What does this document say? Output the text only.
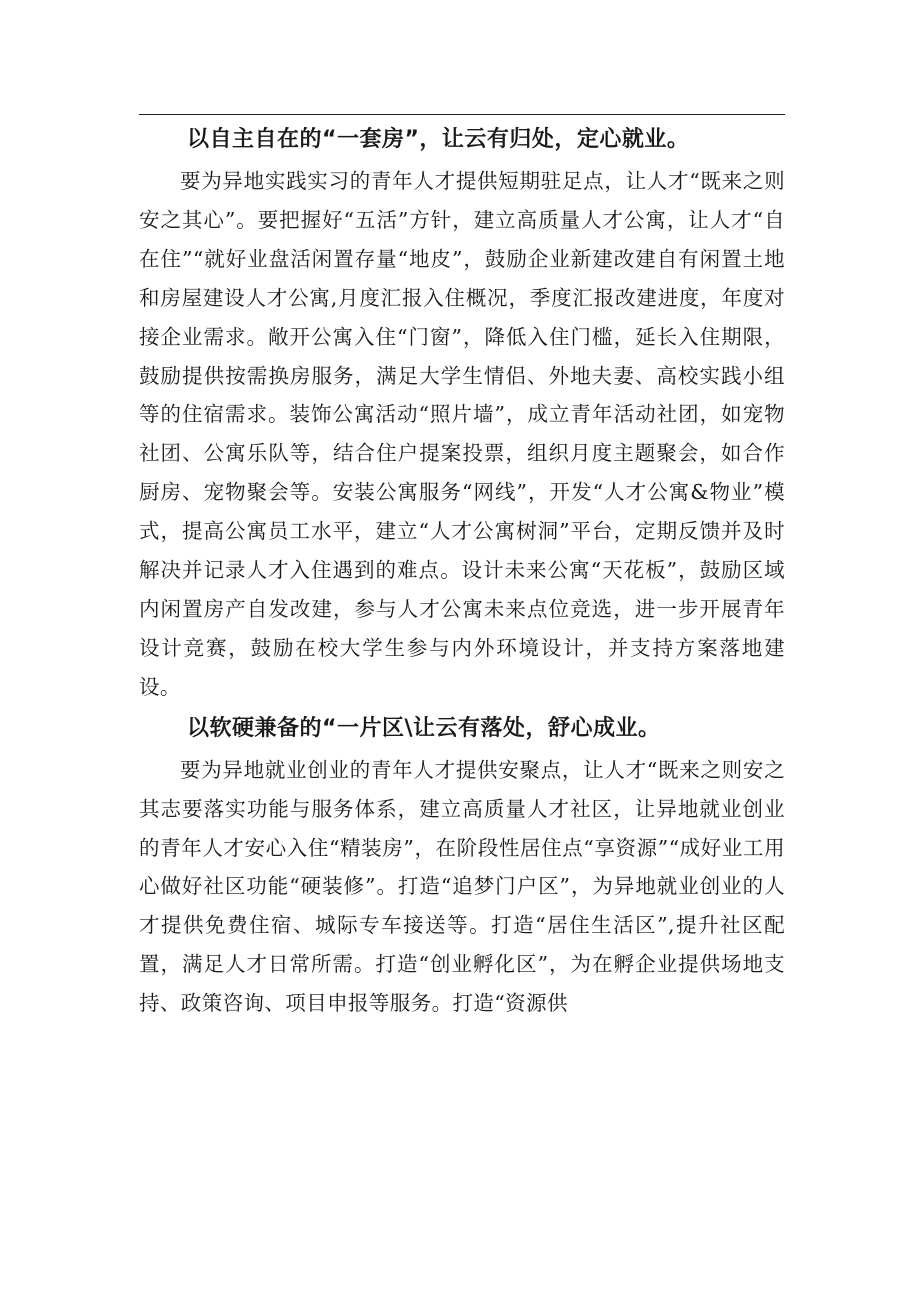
以自主自在的“一套房”，让云有归处，定心就业。

要为异地实践实习的青年人才提供短期驻足点，让人才“既来之则安之其心”。要把握好“五活”方针，建立高质量人才公寓，让人才“自在住”“就好业盘活闲置存量“地皮”，鼓励企业新建改建自有闲置土地和房屋建设人才公寓,月度汇报入住概况，季度汇报改建进度，年度对接企业需求。敞开公寓入住“门窗”，降低入住门槛，延长入住期限，鼓励提供按需换房服务，满足大学生情侣、外地夫妻、高校实践小组等的住宿需求。装饰公寓活动“照片墙”，成立青年活动社团，如宠物社团、公寓乐队等，结合住户提案投票，组织月度主题聚会，如合作厨房、宠物聚会等。安装公寓服务“网线”，开发“人才公寓&物业”模式，提高公寓员工水平，建立“人才公寓树洞”平台，定期反馈并及时解决并记录人才入住遇到的难点。设计未来公寓“天花板”，鼓励区域内闲置房产自发改建，参与人才公寓未来点位竞选，进一步开展青年设计竞赛，鼓励在校大学生参与内外环境设计，并支持方案落地建设。

以软硬兼备的“一片区\让云有落处，舒心成业。

要为异地就业创业的青年人才提供安聚点，让人才“既来之则安之其志要落实功能与服务体系，建立高质量人才社区，让异地就业创业的青年人才安心入住“精装房”，在阶段性居住点“享资源”“成好业工用心做好社区功能“硬装修”。打造“追梦门户区”，为异地就业创业的人才提供免费住宿、城际专车接送等。打造“居住生活区”,提升社区配置，满足人才日常所需。打造“创业孵化区”，为在孵企业提供场地支持、政策咨询、项目申报等服务。打造“资源供
